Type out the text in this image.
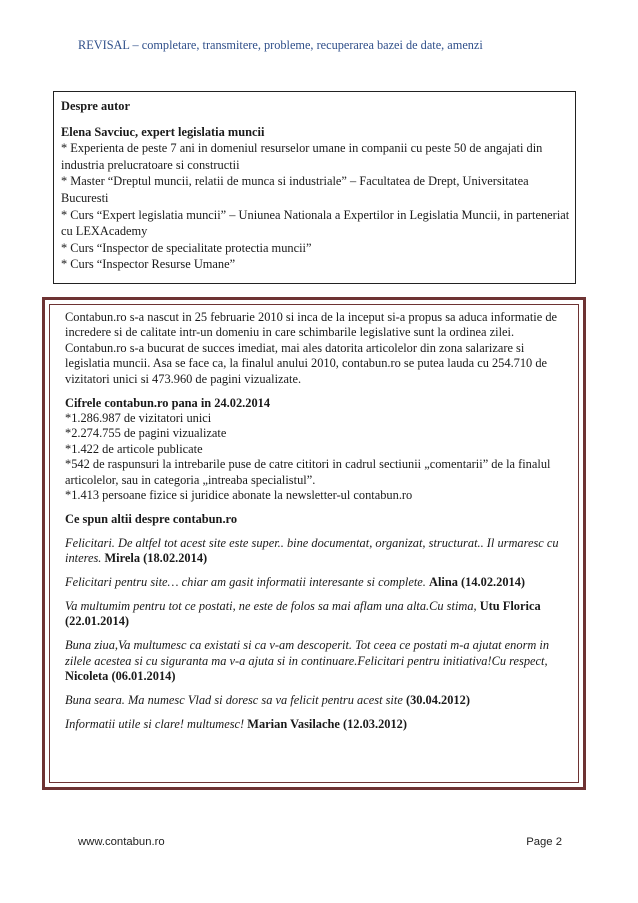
REVISAL – completare, transmitere, probleme, recuperarea bazei de date, amenzi

Despre autor

Elena Savciuc, expert legislatia muncii

* Experienta de peste 7 ani in domeniul resurselor umane in companii cu peste 50 de angajati din industria prelucratoare si constructii

* Master “Dreptul muncii, relatii de munca si industriale” – Facultatea de Drept, Universitatea Bucuresti

* Curs “Expert legislatia muncii” – Uniunea Nationala a Expertilor in Legislatia Muncii, in parteneriat cu LEXAcademy

* Curs “Inspector de specialitate protectia muncii”

* Curs “Inspector Resurse Umane”

Contabun.ro s-a nascut in 25 februarie 2010 si inca de la inceput si-a propus sa aduca informatie de incredere si de calitate intr-un domeniu in care schimbarile legislative sunt la ordinea zilei. Contabun.ro s-a bucurat de succes imediat, mai ales datorita articolelor din zona salarizare si legislatia muncii. Asa se face ca, la finalul anului 2010, contabun.ro se putea lauda cu 254.710 de vizitatori unici si 473.960 de pagini vizualizate.

Cifrele contabun.ro pana in 24.02.2014

*1.286.987 de vizitatori unici

*2.274.755 de pagini vizualizate

*1.422 de articole publicate

*542 de raspunsuri la intrebarile puse de catre cititori in cadrul sectiunii „comentarii” de la finalul articolelor, sau in categoria „intreaba specialistul”.

*1.413 persoane fizice si juridice abonate la newsletter-ul contabun.ro

Ce spun altii despre contabun.ro

Felicitari. De altfel tot acest site este super.. bine documentat, organizat, structurat.. Il urmaresc cu interes. Mirela (18.02.2014)

Felicitari pentru site… chiar am gasit informatii interesante si complete. Alina (14.02.2014)

Va multumim pentru tot ce postati, ne este de folos sa mai aflam una alta.Cu stima, Utu Florica (22.01.2014)

Buna ziua,Va multumesc ca existati si ca v-am descoperit. Tot ceea ce postati m-a ajutat enorm in zilele acestea si cu siguranta ma v-a ajuta si in continuare.Felicitari pentru initiativa!Cu respect, Nicoleta (06.01.2014)

Buna seara. Ma numesc Vlad si doresc sa va felicit pentru acest site (30.04.2012)

Informatii utile si clare! multumesc! Marian Vasilache (12.03.2012)

www.contabun.ro	Page 2
